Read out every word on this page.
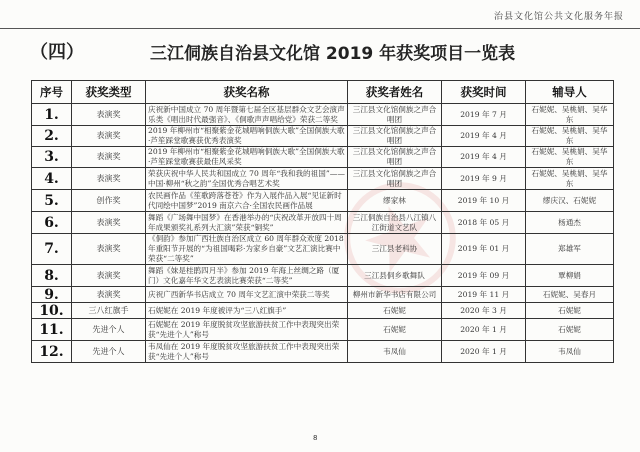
治县文化馆公共文化服务年报
（四）	三江侗族自治县文化馆 2019 年获奖项目一览表
序号	获奖类型	获奖名称	获奖者姓名	获奖时间	辅导人
1.	表演奖	庆祝新中国成立 70 周年暨第七届全区基层群众文艺会演声乐类《唱出时代最强音》、《侗歌声声唱给党》荣获二等奖	三江县文化馆侗族之声合唱团	2019 年 7 月	石妮妮、吴桃娟、吴华东
2.	表演奖	2019 年柳州市“相聚紫金花城唱响侗族大歌”全国侗族大歌·芦笙踩堂歌赛获优秀表演奖	三江县文化馆侗族之声合唱团	2019 年 4 月	石妮妮、吴桃娟、吴华东
3.	表演奖	2019 年柳州市“相聚紫金花城唱响侗族大歌”全国侗族大歌·芦笙踩堂歌赛获最佳风采奖	三江县文化馆侗族之声合唱团	2019 年 4 月	石妮妮、吴桃娟、吴华东
4.	表演奖	荣获庆祝中华人民共和国成立 70 周年“我和我的祖国”——中国·柳州“秋之韵”全国优秀合唱艺术奖	三江县文化馆侗族之声合唱团	2019 年 9 月	石妮妮、吴桃娟、吴华东
5.	创作奖	农民画作品《笙歌跨落苍苍》作为入展作品入展“见证新时代同绘中国梦”2019 南京六合·全国农民画作品展	缪家林	2019 年 10 月	缪庆汉、石妮妮
6.	表演奖	舞蹈《广场舞中国梦》在香港举办的“庆祝改革开放四十周年成果颁奖礼系列大汇演”荣获“铜奖”	三江侗族自治县八江镇八江街道文艺队	2018 年 05 月	杨通杰
7.	表演奖	《侗韵》参加广西壮族自治区成立 60 周年群众欢度 2018 年重阳节开展的“为祖国喝彩·为家乡自豪”文艺汇演比赛中荣获“二等奖”	三江县老科协	2019 年 01 月	郑雄军
8.	表演奖	舞蹈《妹是桂鹃四月半》参加 2019 年海上丝绸之路（厦门）文化嘉年华文艺表演比赛荣获“二等奖”	三江县侗乡歌舞队	2019 年 09 月	覃柳娟
9.	表演奖	庆祝广西新华书店成立 70 周年文艺汇演中荣获二等奖	柳州市新华书店有限公司	2019 年 11 月	石妮妮、吴春月
10.	三八红旗手	石妮妮在 2019 年度被评为“三八红旗手”	石妮妮	2020 年 3 月	石妮妮
11.	先进个人	石妮妮在 2019 年度脱贫攻坚旅游扶贫工作中表现突出荣获“先进个人”称号	石妮妮	2020 年 1 月	石妮妮
12.	先进个人	韦凤仙在 2019 年度脱贫攻坚旅游扶贫工作中表现突出荣获“先进个人”称号	韦凤仙	2020 年 1 月	韦凤仙
8
